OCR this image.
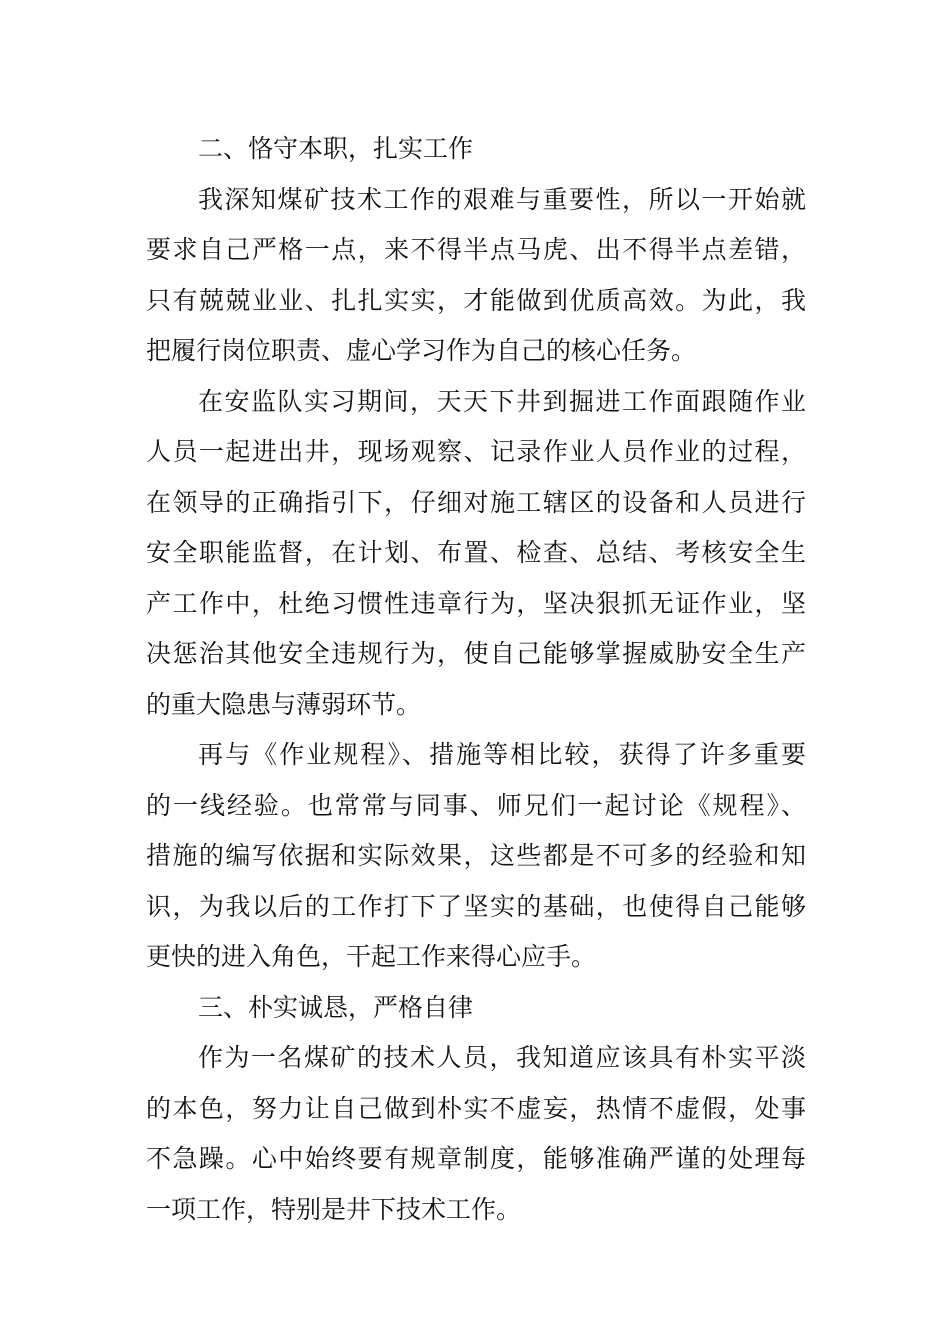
二、恪守本职，扎实工作
我深知煤矿技术工作的艰难与重要性，所以一开始就
要求自己严格一点，来不得半点马虎、出不得半点差错，
只有兢兢业业、扎扎实实，才能做到优质高效。为此，我
把履行岗位职责、虚心学习作为自己的核心任务。
在安监队实习期间，天天下井到掘进工作面跟随作业
人员一起进出井，现场观察、记录作业人员作业的过程，
在领导的正确指引下，仔细对施工辖区的设备和人员进行
安全职能监督，在计划、布置、检查、总结、考核安全生
产工作中，杜绝习惯性违章行为，坚决狠抓无证作业，坚
决惩治其他安全违规行为，使自己能够掌握威胁安全生产
的重大隐患与薄弱环节。
再与《作业规程》、措施等相比较，获得了许多重要
的一线经验。也常常与同事、师兄们一起讨论《规程》、
措施的编写依据和实际效果，这些都是不可多的经验和知
识，为我以后的工作打下了坚实的基础，也使得自己能够
更快的进入角色，干起工作来得心应手。
三、朴实诚恳，严格自律
作为一名煤矿的技术人员，我知道应该具有朴实平淡
的本色，努力让自己做到朴实不虚妄，热情不虚假，处事
不急躁。心中始终要有规章制度，能够准确严谨的处理每
一项工作，特别是井下技术工作。
